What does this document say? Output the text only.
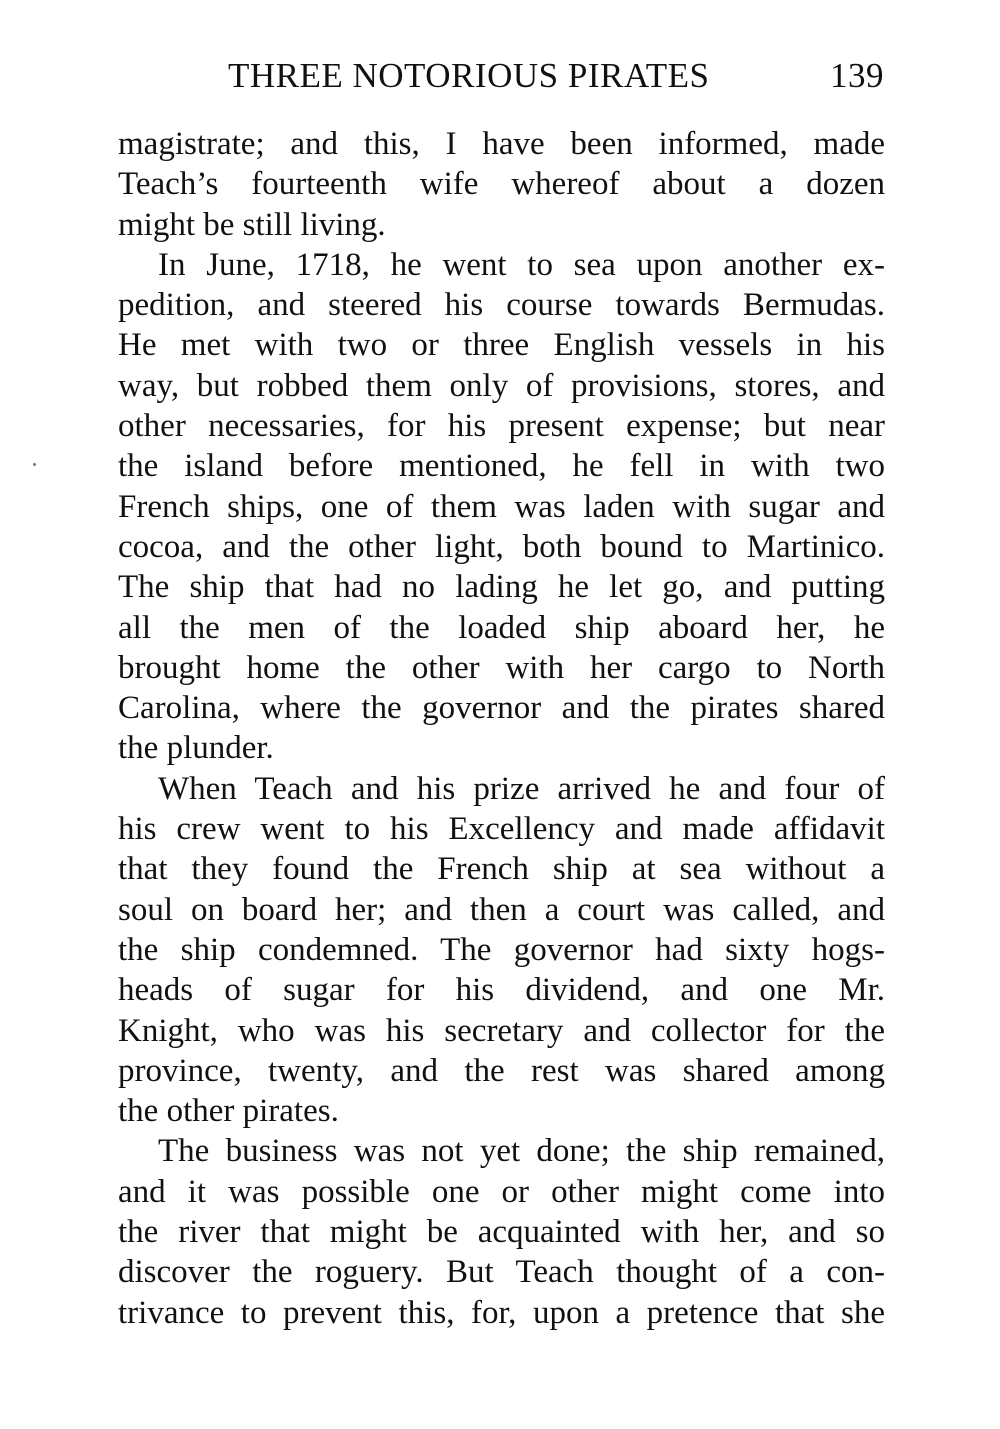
THREE NOTORIOUS PIRATES	139
magistrate; and this, I have been informed, made
Teach’s fourteenth wife whereof about a dozen
might be still living.
In June, 1718, he went to sea upon another ex-
pedition, and steered his course towards Bermudas.
He met with two or three English vessels in his
way, but robbed them only of provisions, stores, and
other necessaries, for his present expense; but near
the island before mentioned, he fell in with two
French ships, one of them was laden with sugar and
cocoa, and the other light, both bound to Martinico.
The ship that had no lading he let go, and putting
all the men of the loaded ship aboard her, he
brought home the other with her cargo to North
Carolina, where the governor and the pirates shared
the plunder.
When Teach and his prize arrived he and four of
his crew went to his Excellency and made affidavit
that they found the French ship at sea without a
soul on board her; and then a court was called, and
the ship condemned. The governor had sixty hogs-
heads of sugar for his dividend, and one Mr.
Knight, who was his secretary and collector for the
province, twenty, and the rest was shared among
the other pirates.
The business was not yet done; the ship remained,
and it was possible one or other might come into
the river that might be acquainted with her, and so
discover the roguery. But Teach thought of a con-
trivance to prevent this, for, upon a pretence that she
